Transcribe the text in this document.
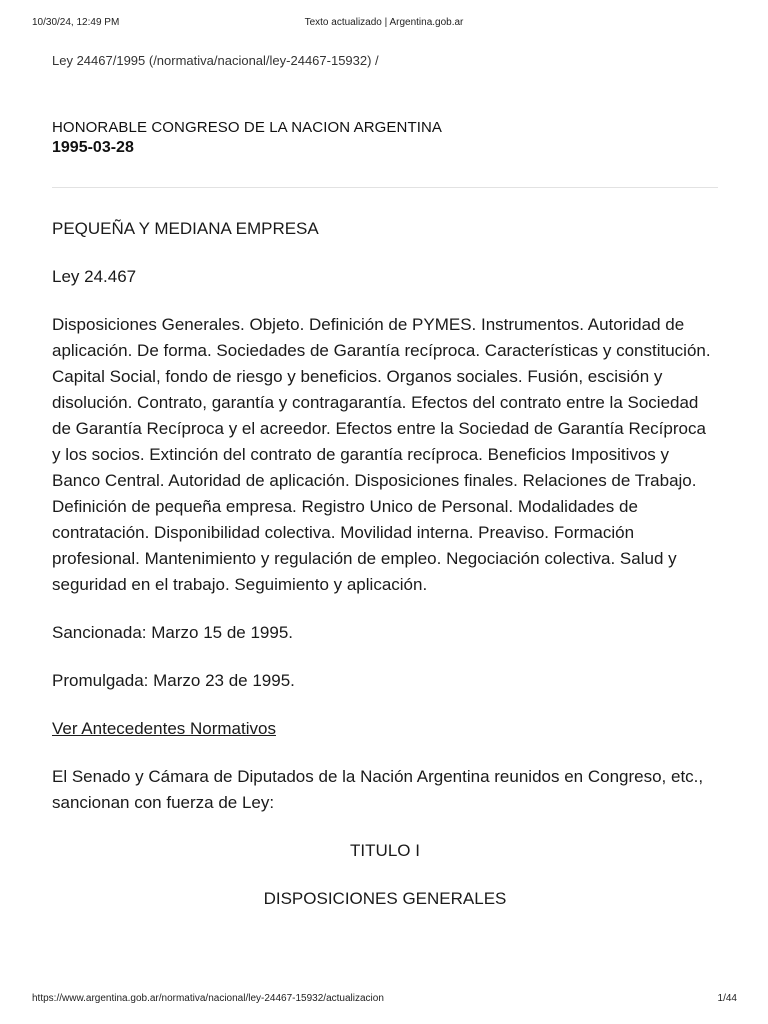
10/30/24, 12:49 PM	Texto actualizado | Argentina.gob.ar
Ley 24467/1995 (/normativa/nacional/ley-24467-15932) /
HONORABLE CONGRESO DE LA NACION ARGENTINA
1995-03-28

PEQUEÑA Y MEDIANA EMPRESA

Ley 24.467

Disposiciones Generales. Objeto. Definición de PYMES. Instrumentos. Autoridad de aplicación. De forma. Sociedades de Garantía recíproca. Características y constitución. Capital Social, fondo de riesgo y beneficios. Organos sociales. Fusión, escisión y disolución. Contrato, garantía y contragarantía. Efectos del contrato entre la Sociedad de Garantía Recíproca y el acreedor. Efectos entre la Sociedad de Garantía Recíproca y los socios. Extinción del contrato de garantía recíproca. Beneficios Impositivos y Banco Central. Autoridad de aplicación. Disposiciones finales. Relaciones de Trabajo. Definición de pequeña empresa. Registro Unico de Personal. Modalidades de contratación. Disponibilidad colectiva. Movilidad interna. Preaviso. Formación profesional. Mantenimiento y regulación de empleo. Negociación colectiva. Salud y seguridad en el trabajo. Seguimiento y aplicación.

Sancionada: Marzo 15 de 1995.

Promulgada: Marzo 23 de 1995.

Ver Antecedentes Normativos

El Senado y Cámara de Diputados de la Nación Argentina reunidos en Congreso, etc., sancionan con fuerza de Ley:

TITULO I

DISPOSICIONES GENERALES

https://www.argentina.gob.ar/normativa/nacional/ley-24467-15932/actualizacion	1/44
